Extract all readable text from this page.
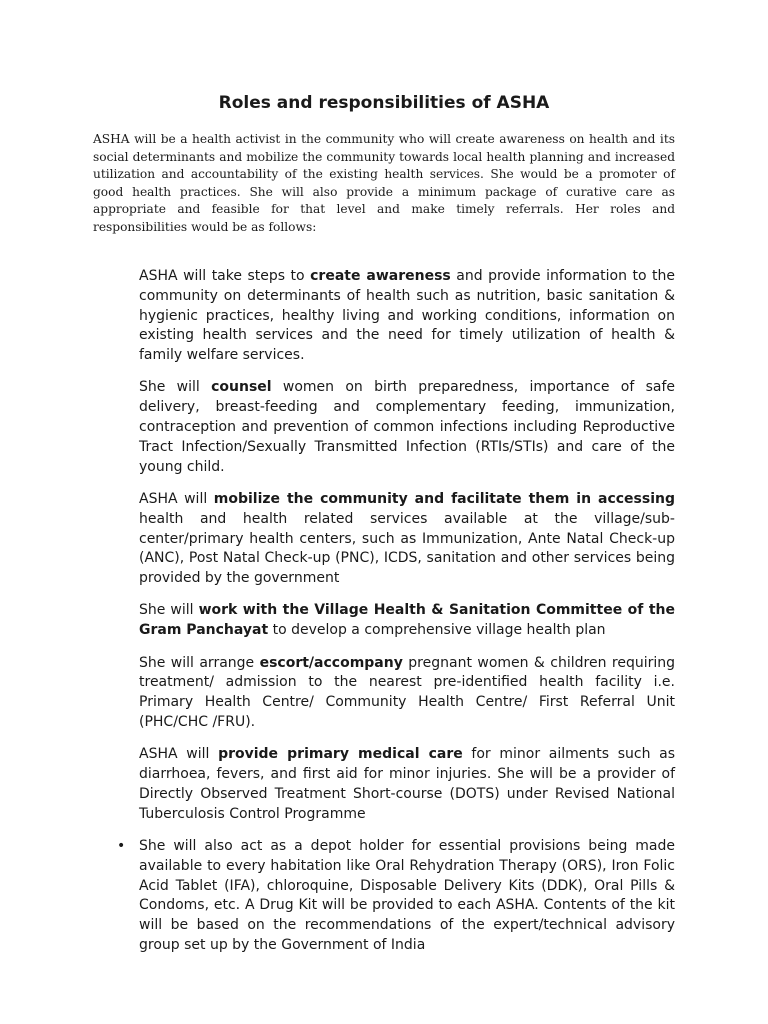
Roles and responsibilities of ASHA

ASHA will be a health activist in the community who will create awareness on health and its social determinants and mobilize the community towards local health planning and increased utilization and accountability of the existing health services. She would be a promoter of good health practices. She will also provide a minimum package of curative care as appropriate and feasible for that level and make timely referrals. Her roles and responsibilities would be as follows:

ASHA will take steps to create awareness and provide information to the community on determinants of health such as nutrition, basic sanitation & hygienic practices, healthy living and working conditions, information on existing health services and the need for timely utilization of health & family welfare services.
She will counsel women on birth preparedness, importance of safe delivery, breast-feeding and complementary feeding, immunization, contraception and prevention of common infections including Reproductive Tract Infection/Sexually Transmitted Infection (RTIs/STIs) and care of the young child.
ASHA will mobilize the community and facilitate them in accessing health and health related services available at the village/sub-center/primary health centers, such as Immunization, Ante Natal Check-up (ANC), Post Natal Check-up (PNC), ICDS, sanitation and other services being provided by the government
She will work with the Village Health & Sanitation Committee of the Gram Panchayat to develop a comprehensive village health plan
She will arrange escort/accompany pregnant women & children requiring treatment/ admission to the nearest pre-identified health facility i.e. Primary Health Centre/ Community Health Centre/ First Referral Unit (PHC/CHC /FRU).
ASHA will provide primary medical care for minor ailments such as diarrhoea, fevers, and first aid for minor injuries. She will be a provider of Directly Observed Treatment Short-course (DOTS) under Revised National Tuberculosis Control Programme
• She will also act as a depot holder for essential provisions being made available to every habitation like Oral Rehydration Therapy (ORS), Iron Folic Acid Tablet (IFA), chloroquine, Disposable Delivery Kits (DDK), Oral Pills & Condoms, etc. A Drug Kit will be provided to each ASHA. Contents of the kit will be based on the recommendations of the expert/technical advisory group set up by the Government of India
